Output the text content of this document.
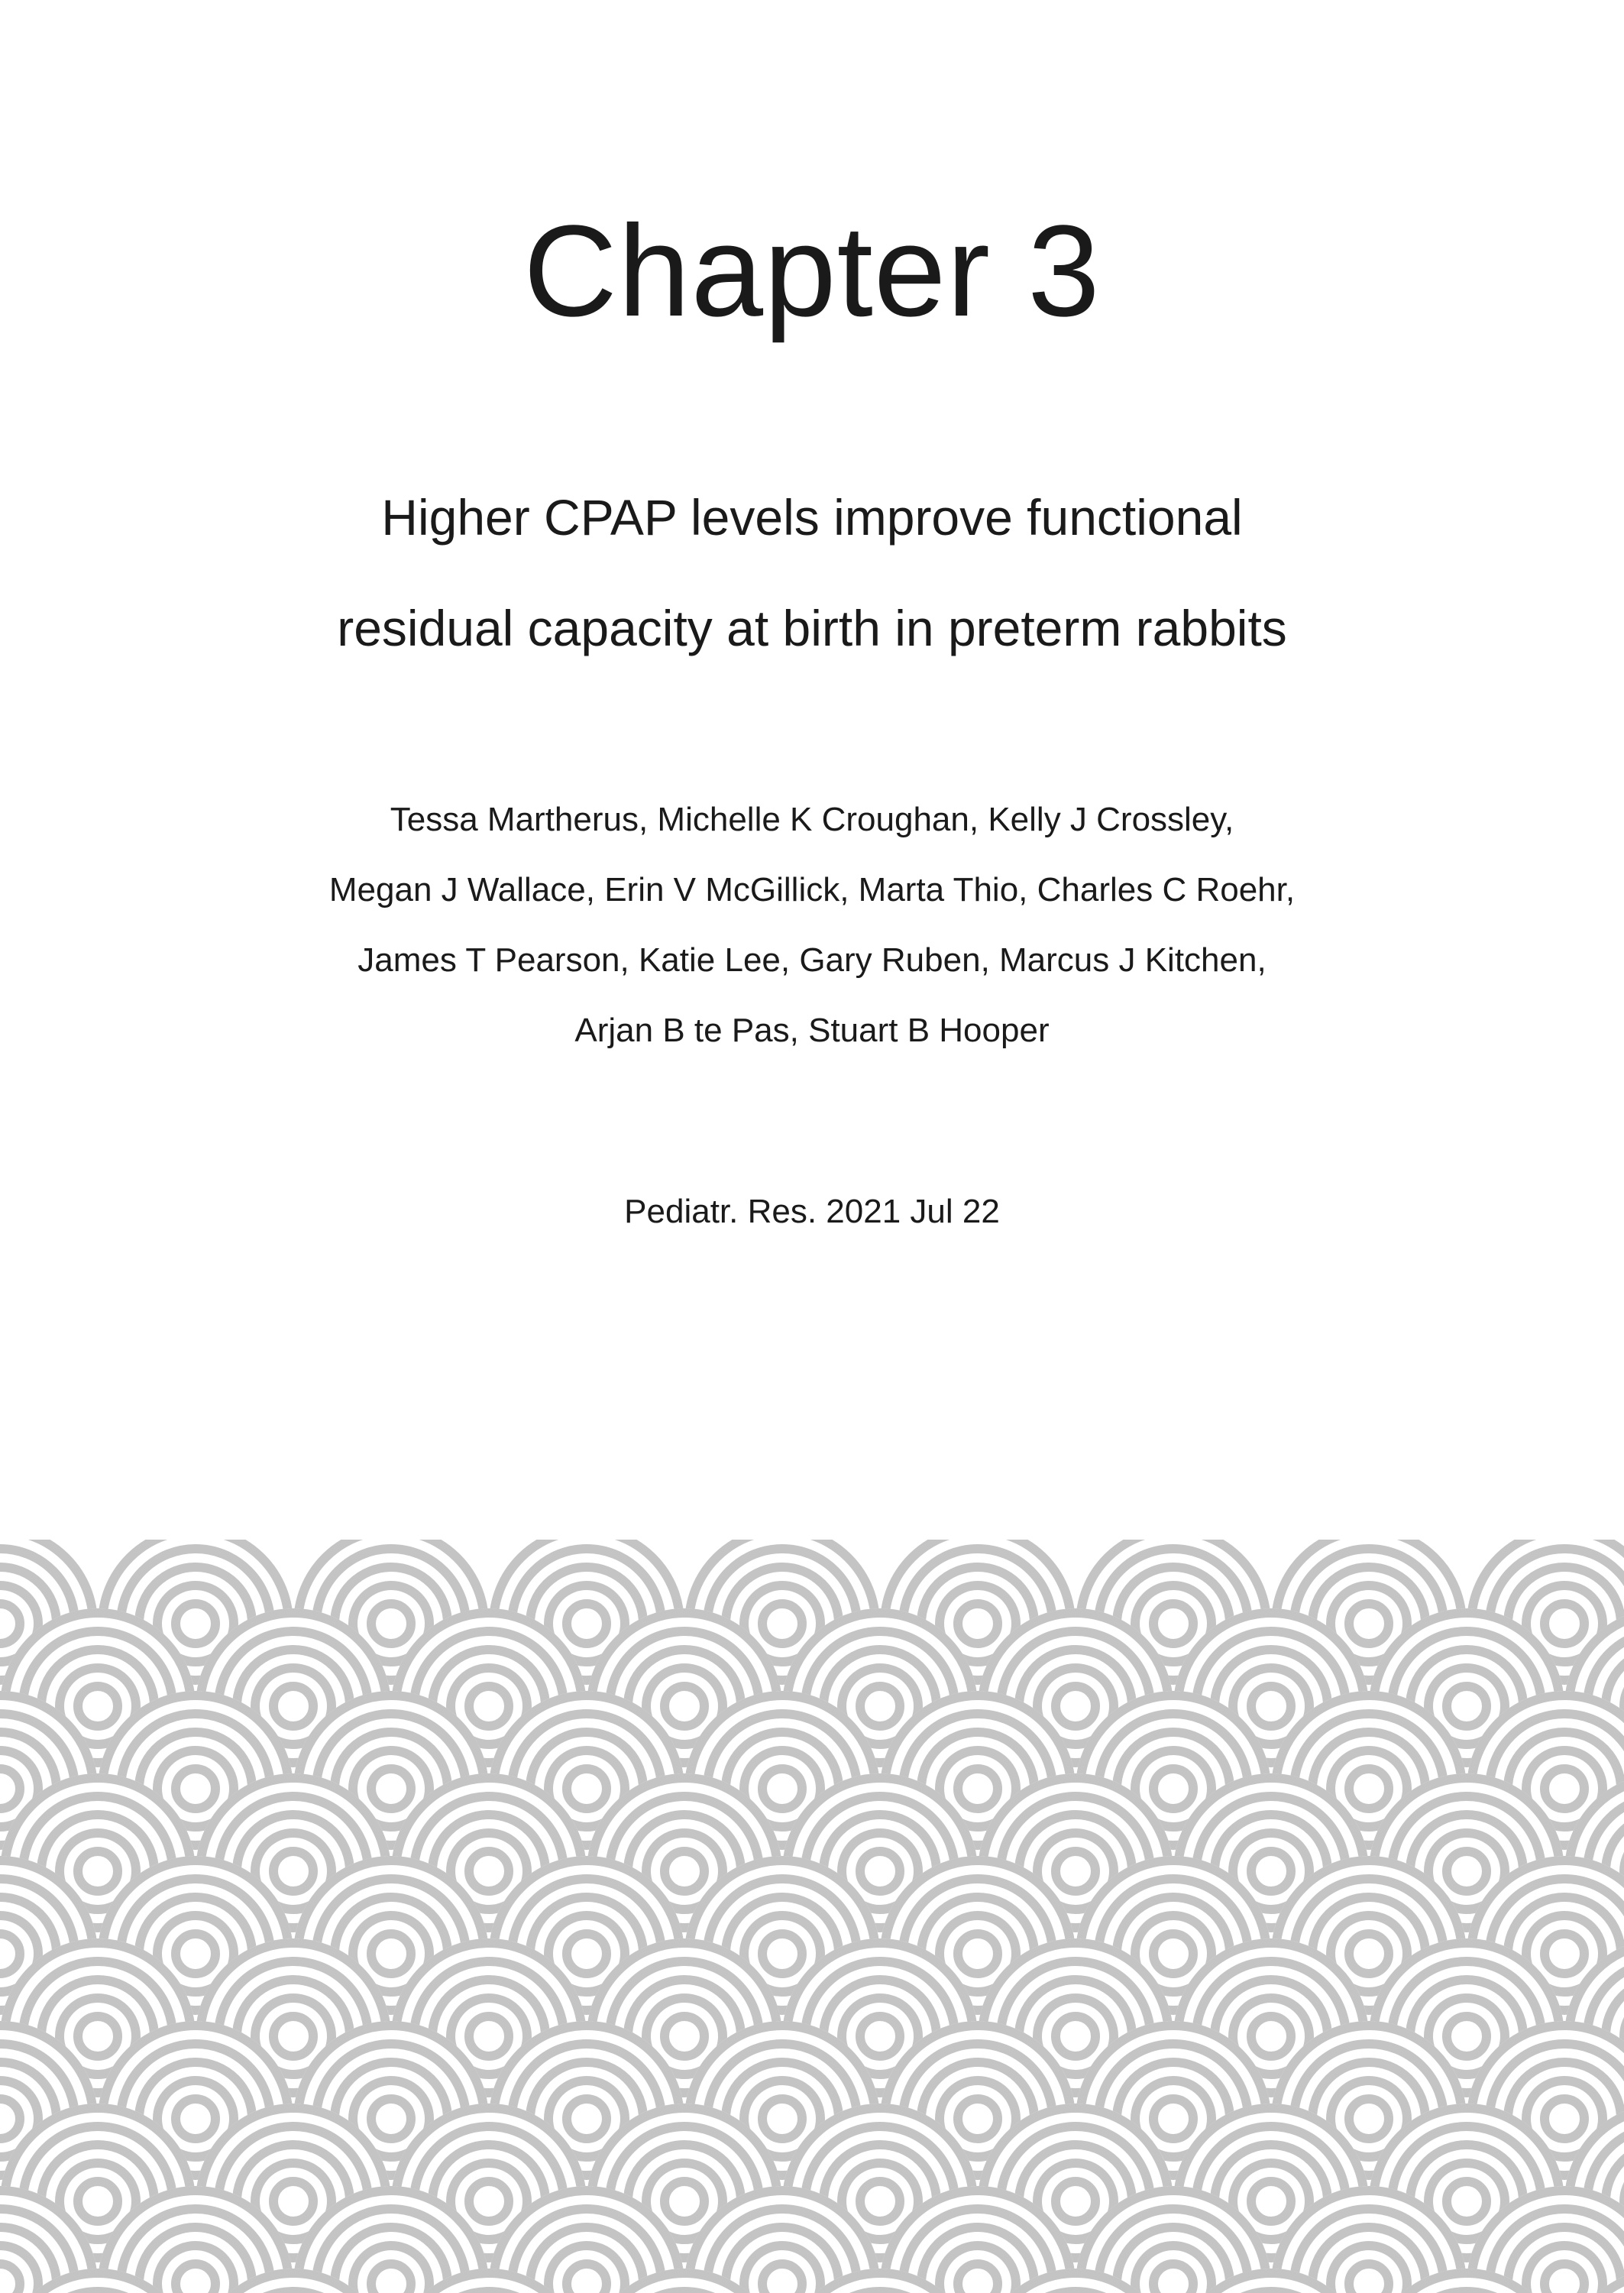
Chapter 3
Higher CPAP levels improve functional
residual capacity at birth in preterm rabbits
Tessa Martherus, Michelle K Croughan, Kelly J Crossley,
Megan J Wallace, Erin V McGillick, Marta Thio, Charles C Roehr,
James T Pearson, Katie Lee, Gary Ruben, Marcus J Kitchen,
Arjan B te Pas, Stuart B Hooper
Pediatr. Res. 2021 Jul 22
